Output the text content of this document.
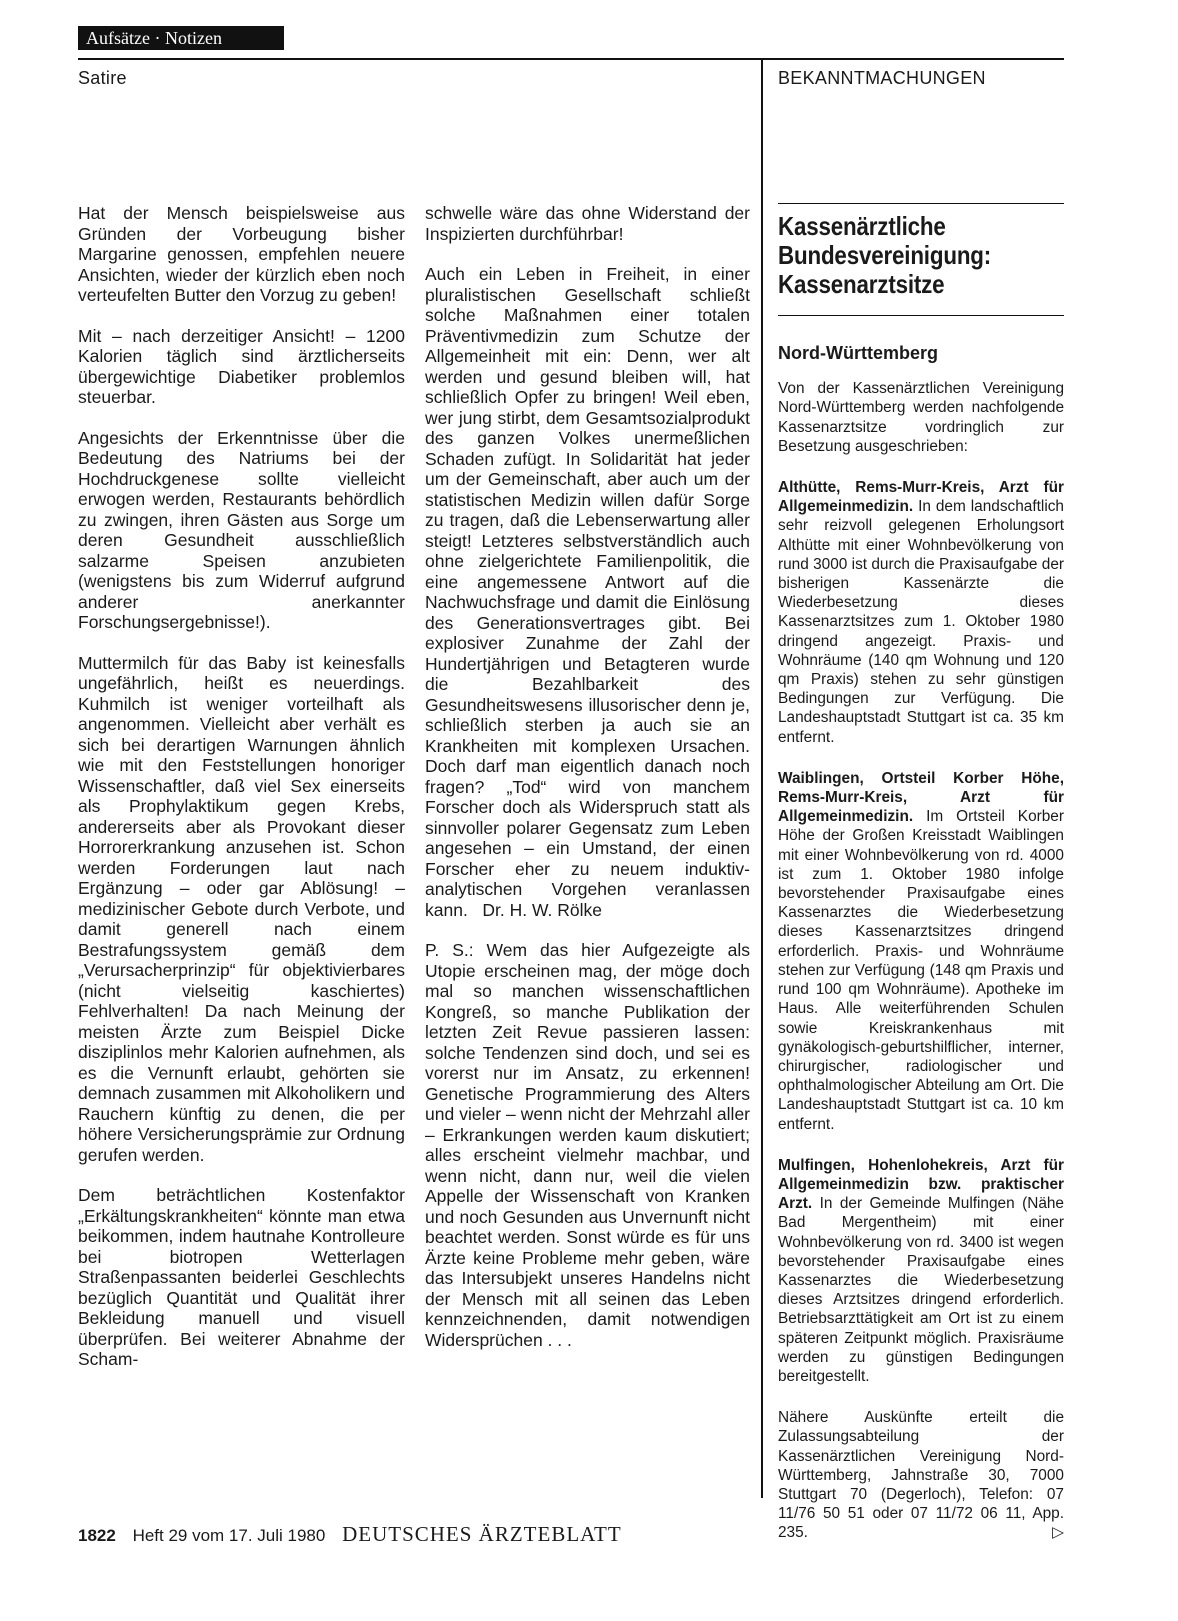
Aufsätze · Notizen
Satire	BEKANNTMACHUNGEN

Hat der Mensch beispielsweise aus Gründen der Vorbeugung bisher Margarine genossen, empfehlen neuere Ansichten, wieder der kürzlich eben noch verteufelten Butter den Vorzug zu geben!

Mit – nach derzeitiger Ansicht! – 1200 Kalorien täglich sind ärztlicherseits übergewichtige Diabetiker problemlos steuerbar.

Angesichts der Erkenntnisse über die Bedeutung des Natriums bei der Hochdruckgenese sollte vielleicht erwogen werden, Restaurants behördlich zu zwingen, ihren Gästen aus Sorge um deren Gesundheit ausschließlich salzarme Speisen anzubieten (wenigstens bis zum Widerruf aufgrund anderer anerkannter Forschungsergebnisse!).

Muttermilch für das Baby ist keinesfalls ungefährlich, heißt es neuerdings. Kuhmilch ist weniger vorteilhaft als angenommen. Vielleicht aber verhält es sich bei derartigen Warnungen ähnlich wie mit den Feststellungen honoriger Wissenschaftler, daß viel Sex einerseits als Prophylaktikum gegen Krebs, andererseits aber als Provokant dieser Horrorerkrankung anzusehen ist. Schon werden Forderungen laut nach Ergänzung – oder gar Ablösung! – medizinischer Gebote durch Verbote, und damit generell nach einem Bestrafungssystem gemäß dem „Verursacherprinzip“ für objektivierbares (nicht vielseitig kaschiertes) Fehlverhalten! Da nach Meinung der meisten Ärzte zum Beispiel Dicke disziplinlos mehr Kalorien aufnehmen, als es die Vernunft erlaubt, gehörten sie demnach zusammen mit Alkoholikern und Rauchern künftig zu denen, die per höhere Versicherungsprämie zur Ordnung gerufen werden.

Dem beträchtlichen Kostenfaktor „Erkältungskrankheiten“ könnte man etwa beikommen, indem hautnahe Kontrolleure bei biotropen Wetterlagen Straßenpassanten beiderlei Geschlechts bezüglich Quantität und Qualität ihrer Bekleidung manuell und visuell überprüfen. Bei weiterer Abnahme der Scham-

schwelle wäre das ohne Widerstand der Inspizierten durchführbar!

Auch ein Leben in Freiheit, in einer pluralistischen Gesellschaft schließt solche Maßnahmen einer totalen Präventivmedizin zum Schutze der Allgemeinheit mit ein: Denn, wer alt werden und gesund bleiben will, hat schließlich Opfer zu bringen! Weil eben, wer jung stirbt, dem Gesamtsozialprodukt des ganzen Volkes unermeßlichen Schaden zufügt. In Solidarität hat jeder um der Gemeinschaft, aber auch um der statistischen Medizin willen dafür Sorge zu tragen, daß die Lebenserwartung aller steigt! Letzteres selbstverständlich auch ohne zielgerichtete Familienpolitik, die eine angemessene Antwort auf die Nachwuchsfrage und damit die Einlösung des Generationsvertrages gibt. Bei explosiver Zunahme der Zahl der Hundertjährigen und Betagteren wurde die Bezahlbarkeit des Gesundheitswesens illusorischer denn je, schließlich sterben ja auch sie an Krankheiten mit komplexen Ursachen. Doch darf man eigentlich danach noch fragen? „Tod“ wird von manchem Forscher doch als Widerspruch statt als sinnvoller polarer Gegensatz zum Leben angesehen – ein Umstand, der einen Forscher eher zu neuem induktiv-analytischen Vorgehen veranlassen kann. Dr. H. W. Rölke

P. S.: Wem das hier Aufgezeigte als Utopie erscheinen mag, der möge doch mal so manchen wissenschaftlichen Kongreß, so manche Publikation der letzten Zeit Revue passieren lassen: solche Tendenzen sind doch, und sei es vorerst nur im Ansatz, zu erkennen! Genetische Programmierung des Alters und vieler – wenn nicht der Mehrzahl aller – Erkrankungen werden kaum diskutiert; alles erscheint vielmehr machbar, und wenn nicht, dann nur, weil die vielen Appelle der Wissenschaft von Kranken und noch Gesunden aus Unvernunft nicht beachtet werden. Sonst würde es für uns Ärzte keine Probleme mehr geben, wäre das Intersubjekt unseres Handelns nicht der Mensch mit all seinen das Leben kennzeichnenden, damit notwendigen Widersprüchen . . .

Kassenärztliche Bundesvereinigung: Kassenarztsitze
Nord-Württemberg

Von der Kassenärztlichen Vereinigung Nord-Württemberg werden nachfolgende Kassenarztsitze vordringlich zur Besetzung ausgeschrieben:

Althütte, Rems-Murr-Kreis, Arzt für Allgemeinmedizin. In dem landschaftlich sehr reizvoll gelegenen Erholungsort Althütte mit einer Wohnbevölkerung von rund 3000 ist durch die Praxisaufgabe der bisherigen Kassenärzte die Wiederbesetzung dieses Kassenarztsitzes zum 1. Oktober 1980 dringend angezeigt. Praxis- und Wohnräume (140 qm Wohnung und 120 qm Praxis) stehen zu sehr günstigen Bedingungen zur Verfügung. Die Landeshauptstadt Stuttgart ist ca. 35 km entfernt.

Waiblingen, Ortsteil Korber Höhe, Rems-Murr-Kreis, Arzt für Allgemeinmedizin. Im Ortsteil Korber Höhe der Großen Kreisstadt Waiblingen mit einer Wohnbevölkerung von rd. 4000 ist zum 1. Oktober 1980 infolge bevorstehender Praxisaufgabe eines Kassenarztes die Wiederbesetzung dieses Kassenarztsitzes dringend erforderlich. Praxis- und Wohnräume stehen zur Verfügung (148 qm Praxis und rund 100 qm Wohnräume). Apotheke im Haus. Alle weiterführenden Schulen sowie Kreiskrankenhaus mit gynäkologisch-geburtshilflicher, interner, chirurgischer, radiologischer und ophthalmologischer Abteilung am Ort. Die Landeshauptstadt Stuttgart ist ca. 10 km entfernt.

Mulfingen, Hohenlohekreis, Arzt für Allgemeinmedizin bzw. praktischer Arzt. In der Gemeinde Mulfingen (Nähe Bad Mergentheim) mit einer Wohnbevölkerung von rd. 3400 ist wegen bevorstehender Praxisaufgabe eines Kassenarztes die Wiederbesetzung dieses Arztsitzes dringend erforderlich. Betriebsarzttätigkeit am Ort ist zu einem späteren Zeitpunkt möglich. Praxisräume werden zu günstigen Bedingungen bereitgestellt.

Nähere Auskünfte erteilt die Zulassungsabteilung der Kassenärztlichen Vereinigung Nord-Württemberg, Jahnstraße 30, 7000 Stuttgart 70 (Degerloch), Telefon: 07 11/76 50 51 oder 07 11/72 06 11, App. 235.	▷

1822 Heft 29 vom 17. Juli 1980 DEUTSCHES ÄRZTEBLATT
